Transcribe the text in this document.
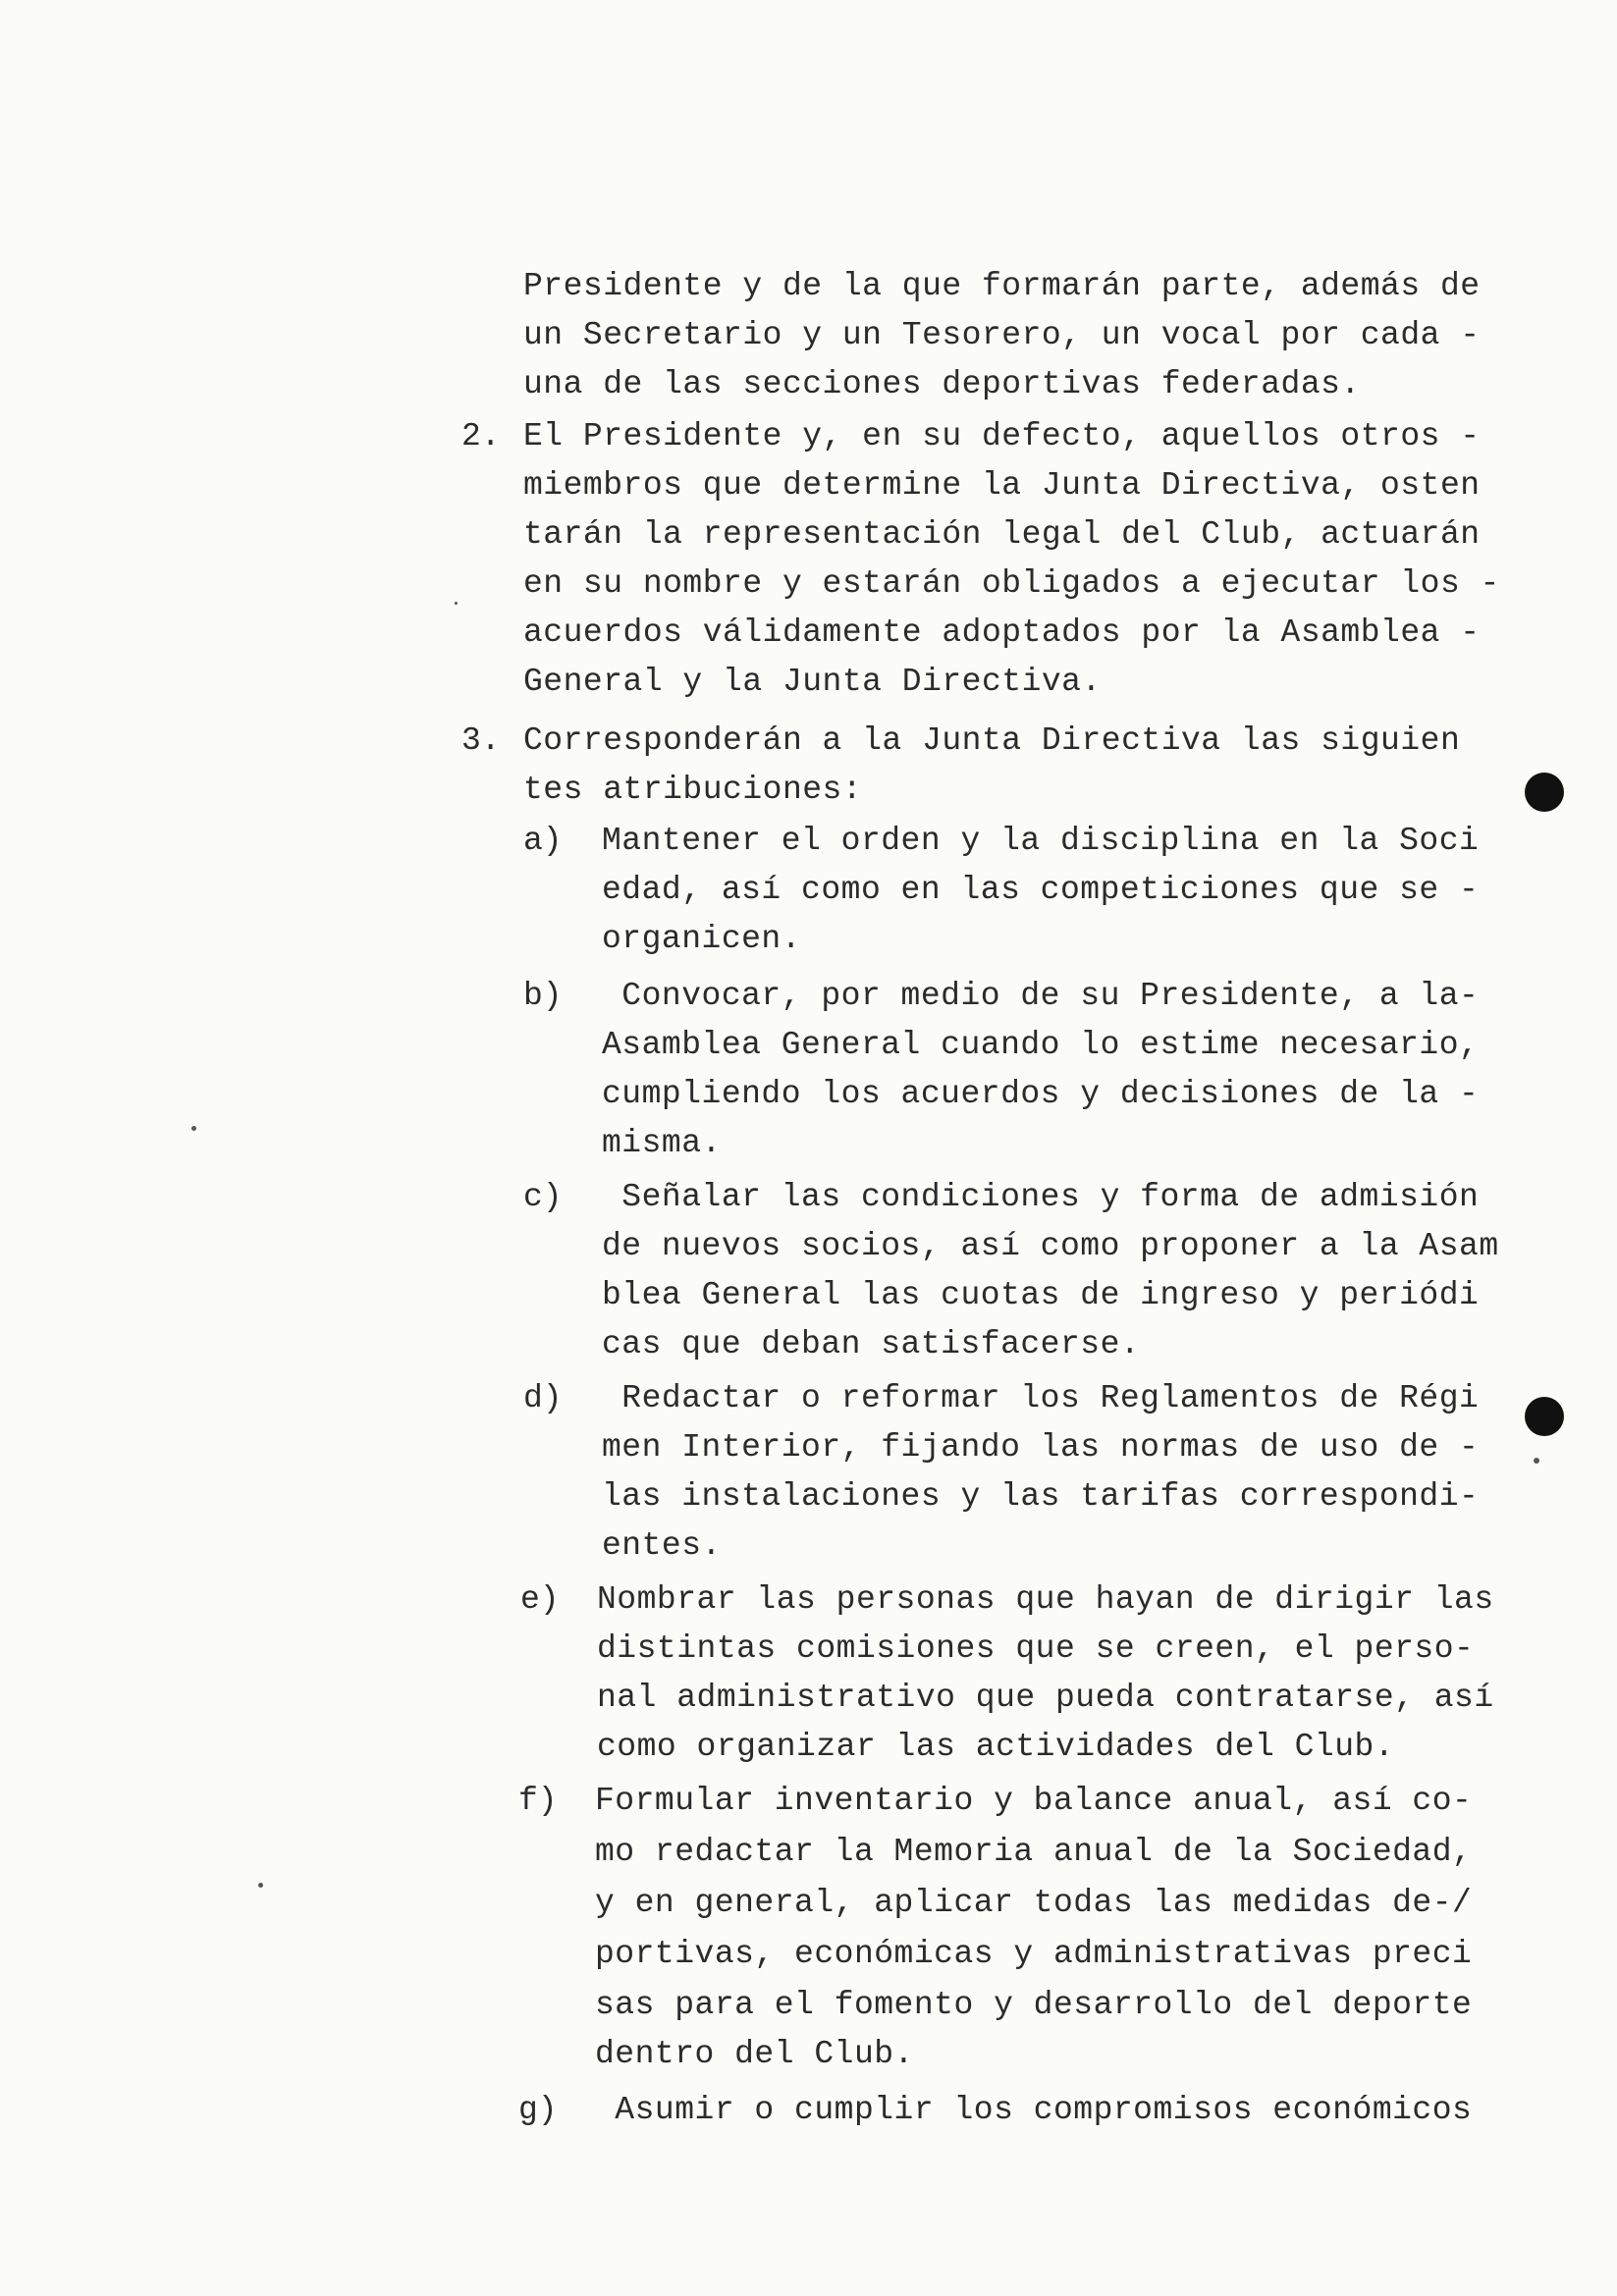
Presidente y de la que formarán parte, además de
un Secretario y un Tesorero, un vocal por cada -
una de las secciones deportivas federadas.
2. El Presidente y, en su defecto, aquellos otros -
miembros que determine la Junta Directiva, osten
tarán la representación legal del Club, actuarán
en su nombre y estarán obligados a ejecutar los -
acuerdos válidamente adoptados por la Asamblea -
General y la Junta Directiva.
3. Corresponderán a la Junta Directiva las siguien
tes atribuciones:
a) Mantener el orden y la disciplina en la Soci
edad, así como en las competiciones que se -
organicen.
b) Convocar, por medio de su Presidente, a la-
Asamblea General cuando lo estime necesario,
cumpliendo los acuerdos y decisiones de la -
misma.
c) Señalar las condiciones y forma de admisión
de nuevos socios, así como proponer a la Asam
blea General las cuotas de ingreso y periódi
cas que deban satisfacerse.
d) Redactar o reformar los Reglamentos de Régi
men Interior, fijando las normas de uso de -
las instalaciones y las tarifas correspondi-
entes.
e) Nombrar las personas que hayan de dirigir las
distintas comisiones que se creen, el perso-
nal administrativo que pueda contratarse, así
como organizar las actividades del Club.
f) Formular inventario y balance anual, así co-
mo redactar la Memoria anual de la Sociedad,
y en general, aplicar todas las medidas de-/
portivas, económicas y administrativas preci
sas para el fomento y desarrollo del deporte
dentro del Club.
g) Asumir o cumplir los compromisos económicos
